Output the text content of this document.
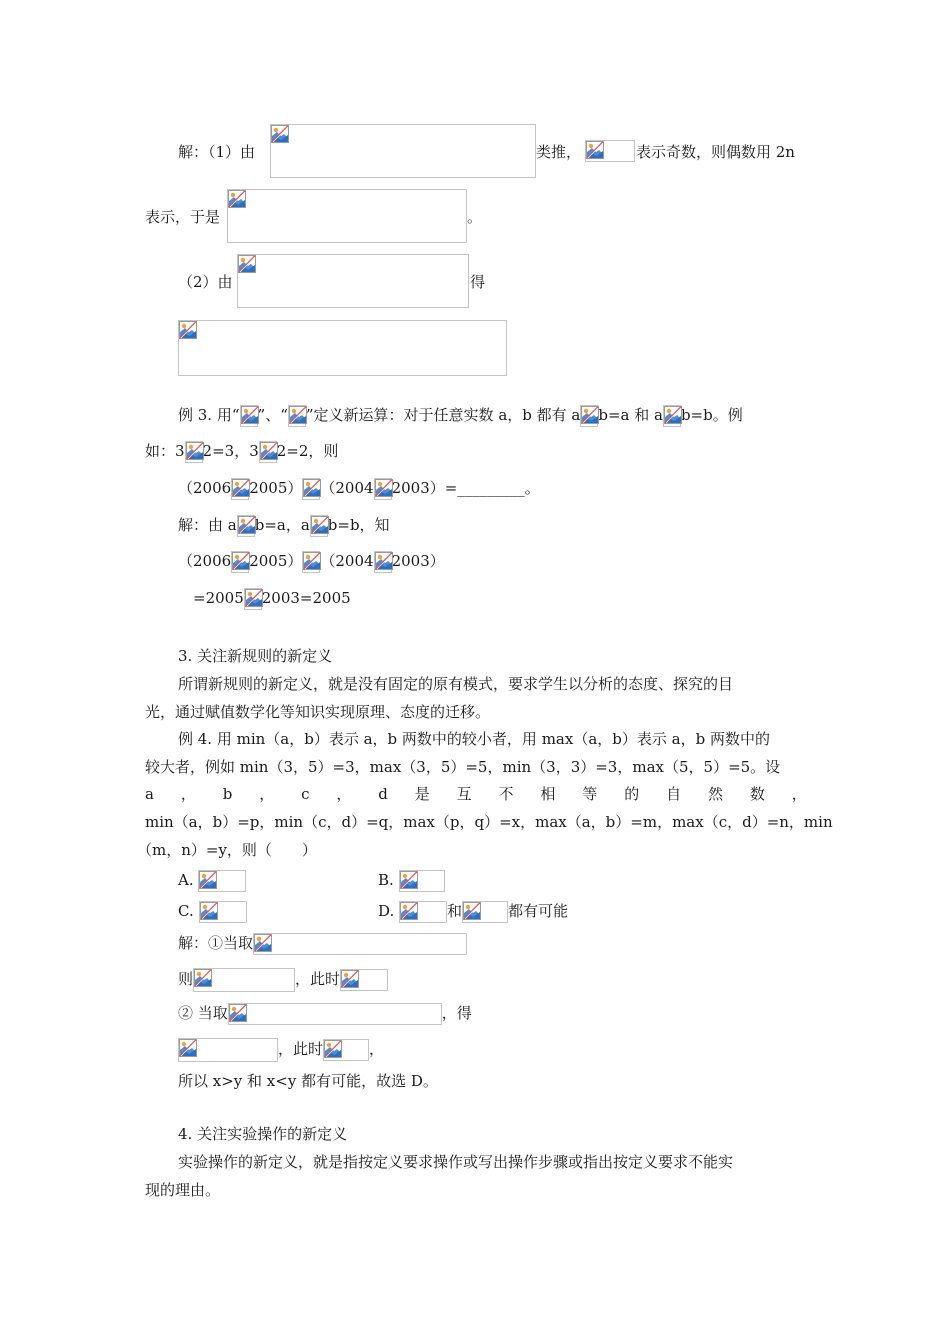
解：（1）由	类推，	表示奇数，则偶数用 2n
表示，于是	。
（2）由	得
例 3. 用“ ”、“ ”定义新运算：对于任意实数 a，b 都有 a b=a 和 a b=b。例
如：3 2=3，3 2=2，则
（2006 2005） （2004 2003）=_________。
解：由 a b=a，a b=b，知
（2006 2005） （2004 2003）
=2005 2003=2005
3. 关注新规则的新定义
所谓新规则的新定义，就是没有固定的原有模式，要求学生以分析的态度、探究的目
光，通过赋值数学化等知识实现原理、态度的迁移。
例 4. 用 min（a，b）表示 a，b 两数中的较小者，用 max（a，b）表示 a，b 两数中的
较大者，例如 min（3，5）=3，max（3，5）=5，min（3，3）=3，max（5，5）=5。设
a ， b ， c ， d 是 互 不 相 等 的 自 然 数 ，
min（a，b）=p，min（c，d）=q，max（p，q）=x，max（a，b）=m，max（c，d）=n，min
（m，n）=y，则（　　）
A.	B.
C.	D.	和	都有可能
解：①当取
则	，此时
② 当取	，得
，此时	，
所以 x>y 和 x<y 都有可能，故选 D。
4. 关注实验操作的新定义
实验操作的新定义，就是指按定义要求操作或写出操作步骤或指出按定义要求不能实
现的理由。
